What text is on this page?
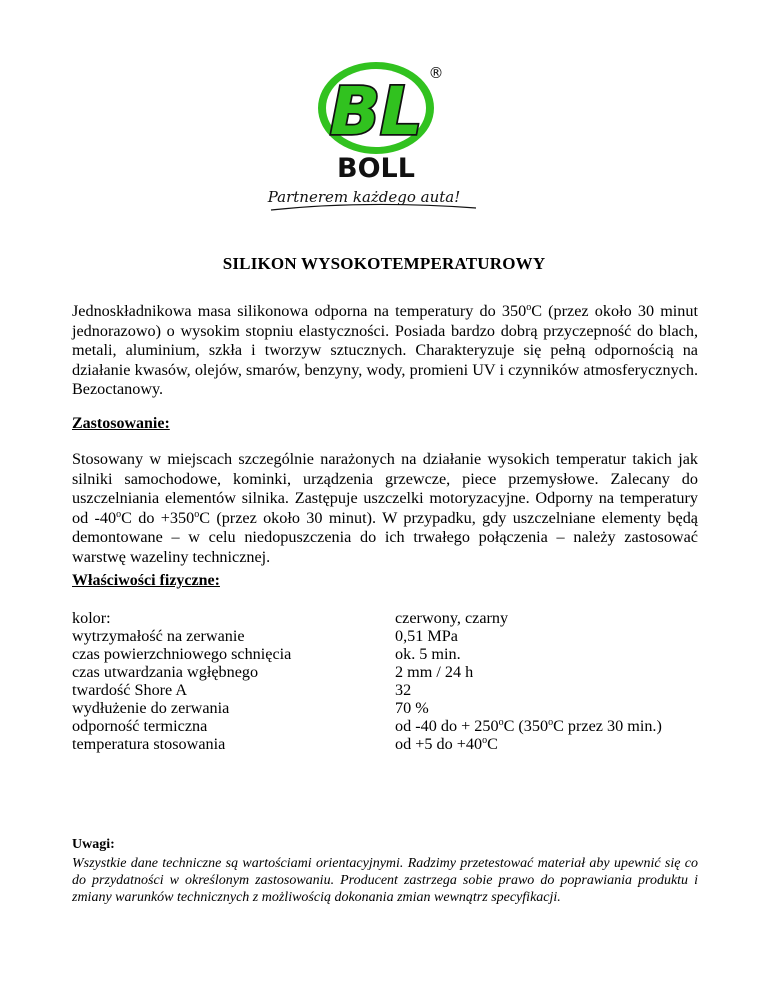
BL ®
BOLL
Partnerem każdego auta!
SILIKON WYSOKOTEMPERATUROWY

Jednoskładnikowa masa silikonowa odporna na temperatury do 350$^o$C (przez około 30 minut jednorazowo) o wysokim stopniu elastyczności. Posiada bardzo dobrą przyczepność do blach, metali, aluminium, szkła i tworzyw sztucznych. Charakteryzuje się pełną odpornością na działanie kwasów, olejów, smarów, benzyny, wody, promieni UV i czynników atmosferycznych. Bezoctanowy.

Zastosowanie:

Stosowany w miejscach szczególnie narażonych na działanie wysokich temperatur takich jak silniki samochodowe, kominki, urządzenia grzewcze, piece przemysłowe. Zalecany do uszczelniania elementów silnika. Zastępuje uszczelki motoryzacyjne. Odporny na temperatury od -40$^o$C do $+350^oC$ (przez około 30 minut). W przypadku, gdy uszczelniane elementy będą demontowane – w celu niedopuszczenia do ich trwałego połączenia – należy zastosować warstwę wazeliny technicznej.

Właściwości fizyczne:
kolor:	czerwony, czarny
wytrzymałość na zerwanie	0,51 MPa
czas powierzchniowego schnięcia	ok. 5 min.
czas utwardzania wgłębnego	2 mm / 24 h
twardość Shore A	32
wydłużenie do zerwania	70 %
odporność termiczna	od -40 do + $250^oC$ (350$^o$C przez 30 min.)
temperatura stosowania	od +5 do $+40^oC$
Uwagi:

Wszystkie dane techniczne są wartościami orientacyjnymi. Radzimy przetestować materiał aby upewnić się co do przydatności w określonym zastosowaniu. Producent zastrzega sobie prawo do poprawiania produktu i zmiany warunków technicznych z możliwością dokonania zmian wewnątrz specyfikacji.
